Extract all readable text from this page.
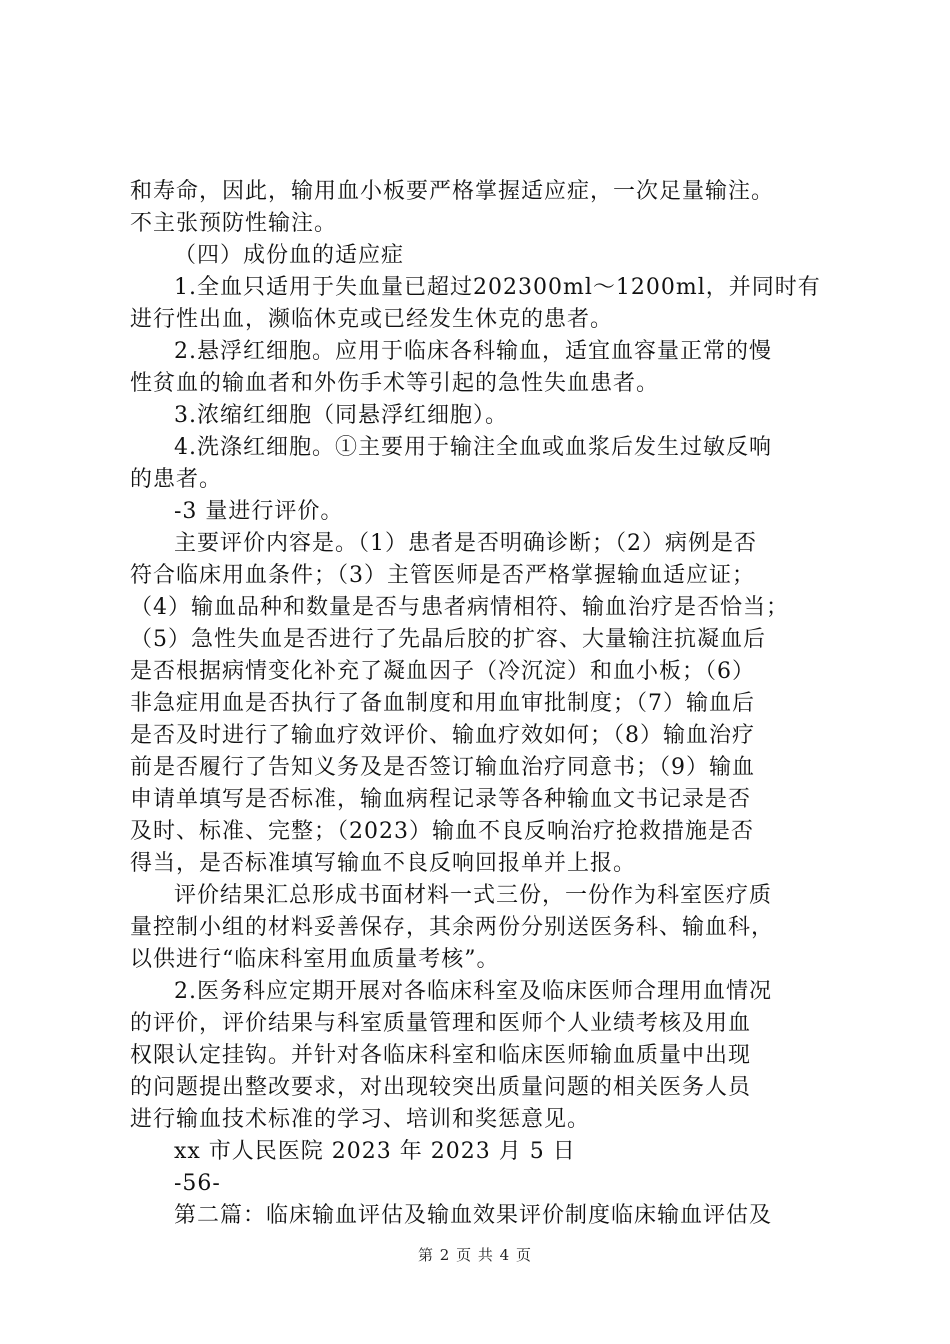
和寿命，因此，输用血小板要严格掌握适应症，一次足量输注。
不主张预防性输注。
（四）成份血的适应症
1.全血只适用于失血量已超过202300ml～1200ml，并同时有
进行性出血，濒临休克或已经发生休克的患者。
2.悬浮红细胞。应用于临床各科输血，适宜血容量正常的慢
性贫血的输血者和外伤手术等引起的急性失血患者。
3.浓缩红细胞（同悬浮红细胞）。
4.洗涤红细胞。①主要用于输注全血或血浆后发生过敏反响
的患者。
-3 量进行评价。
主要评价内容是。（1）患者是否明确诊断；（2）病例是否
符合临床用血条件；（3）主管医师是否严格掌握输血适应证；
（4）输血品种和数量是否与患者病情相符、输血治疗是否恰当；
（5）急性失血是否进行了先晶后胶的扩容、大量输注抗凝血后
是否根据病情变化补充了凝血因子（冷沉淀）和血小板；（6）
非急症用血是否执行了备血制度和用血审批制度；（7）输血后
是否及时进行了输血疗效评价、输血疗效如何；（8）输血治疗
前是否履行了告知义务及是否签订输血治疗同意书；（9）输血
申请单填写是否标准，输血病程记录等各种输血文书记录是否
及时、标准、完整；（2023）输血不良反响治疗抢救措施是否
得当，是否标准填写输血不良反响回报单并上报。
评价结果汇总形成书面材料一式三份，一份作为科室医疗质
量控制小组的材料妥善保存，其余两份分别送医务科、输血科，
以供进行“临床科室用血质量考核”。
2.医务科应定期开展对各临床科室及临床医师合理用血情况
的评价，评价结果与科室质量管理和医师个人业绩考核及用血
权限认定挂钩。并针对各临床科室和临床医师输血质量中出现
的问题提出整改要求，对出现较突出质量问题的相关医务人员
进行输血技术标准的学习、培训和奖惩意见。
xx 市人民医院 2023 年 2023 月 5 日
-56-
第二篇：临床输血评估及输血效果评价制度临床输血评估及
第 2 页 共 4 页
